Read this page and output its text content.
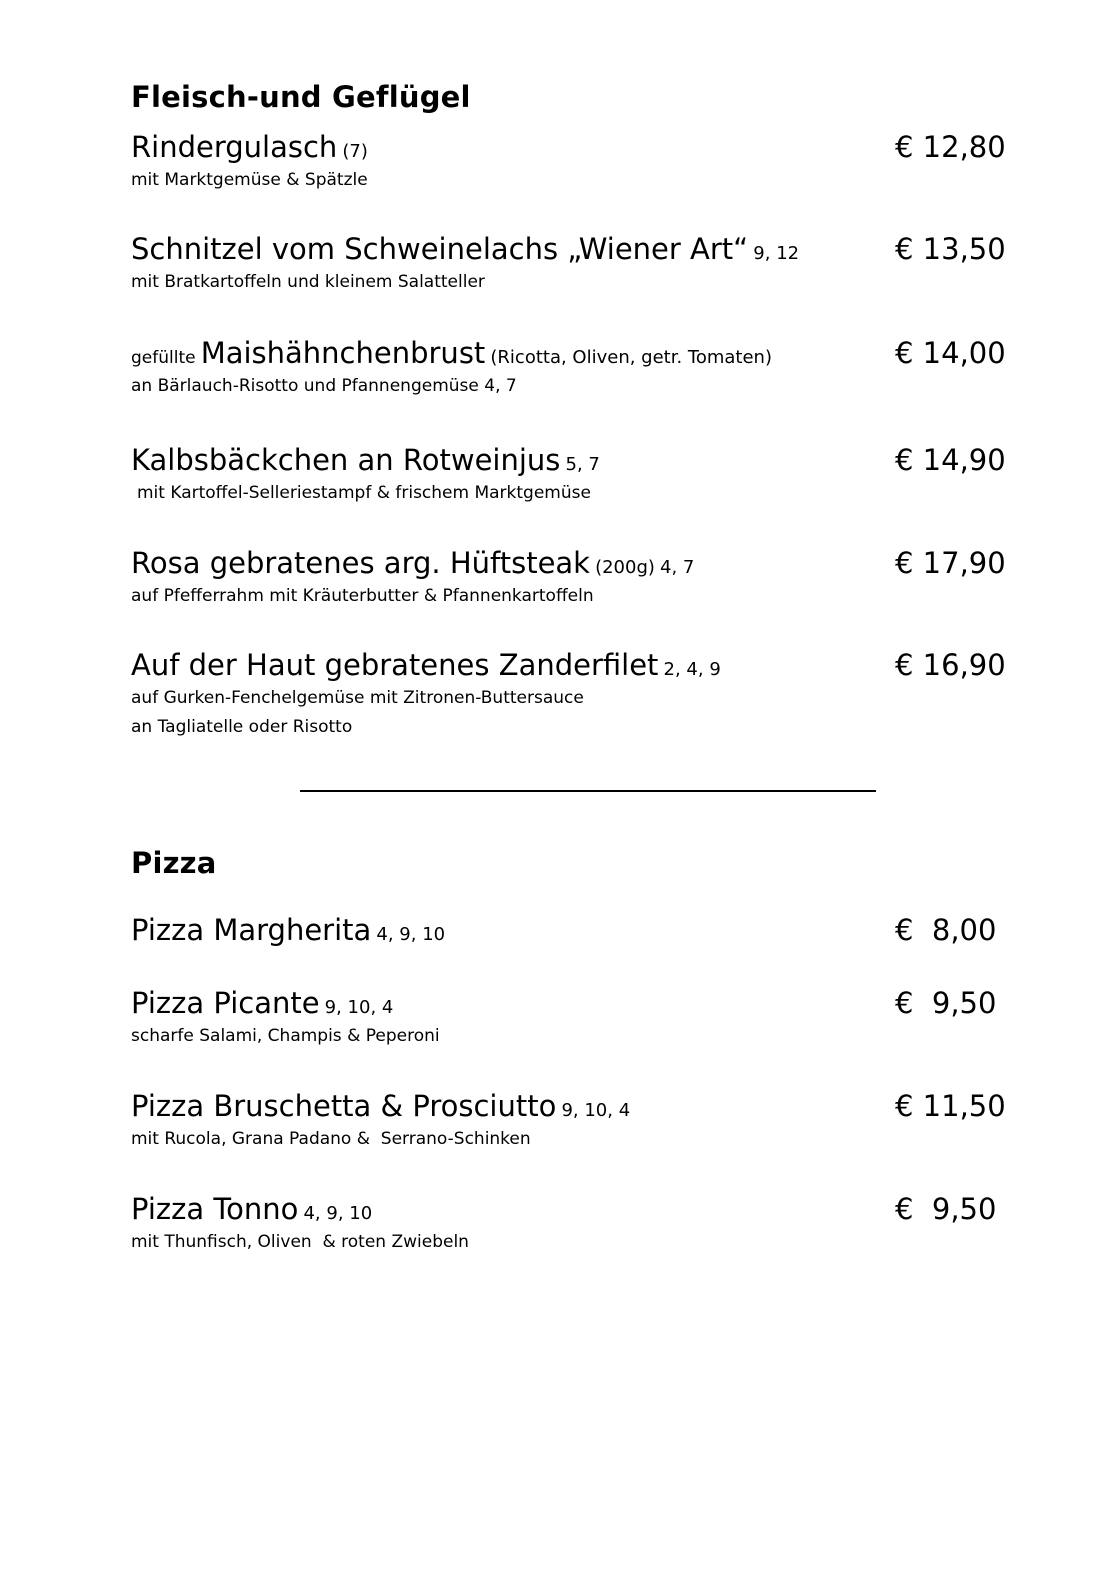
Fleisch-und Geflügel
Rindergulasch (7)	€ 12,80
mit Marktgemüse & Spätzle
Schnitzel vom Schweinelachs „Wiener Art“ 9, 12	€ 13,50
mit Bratkartoffeln und kleinem Salatteller
gefüllte Maishähnchenbrust (Ricotta, Oliven, getr. Tomaten)	€ 14,00
an Bärlauch-Risotto und Pfannengemüse 4, 7
Kalbsbäckchen an Rotweinjus 5, 7	€ 14,90
mit Kartoffel-Selleriestampf & frischem Marktgemüse
Rosa gebratenes arg. Hüftsteak (200g) 4, 7	€ 17,90
auf Pfefferrahm mit Kräuterbutter & Pfannenkartoffeln
Auf der Haut gebratenes Zanderfilet 2, 4, 9	€ 16,90
auf Gurken-Fenchelgemüse mit Zitronen-Buttersauce
an Tagliatelle oder Risotto
Pizza
Pizza Margherita 4, 9, 10	€  8,00
Pizza Picante 9, 10, 4	€  9,50
scharfe Salami, Champis & Peperoni
Pizza Bruschetta & Prosciutto 9, 10, 4	€ 11,50
mit Rucola, Grana Padano &  Serrano-Schinken
Pizza Tonno 4, 9, 10	€  9,50
mit Thunfisch, Oliven  & roten Zwiebeln
